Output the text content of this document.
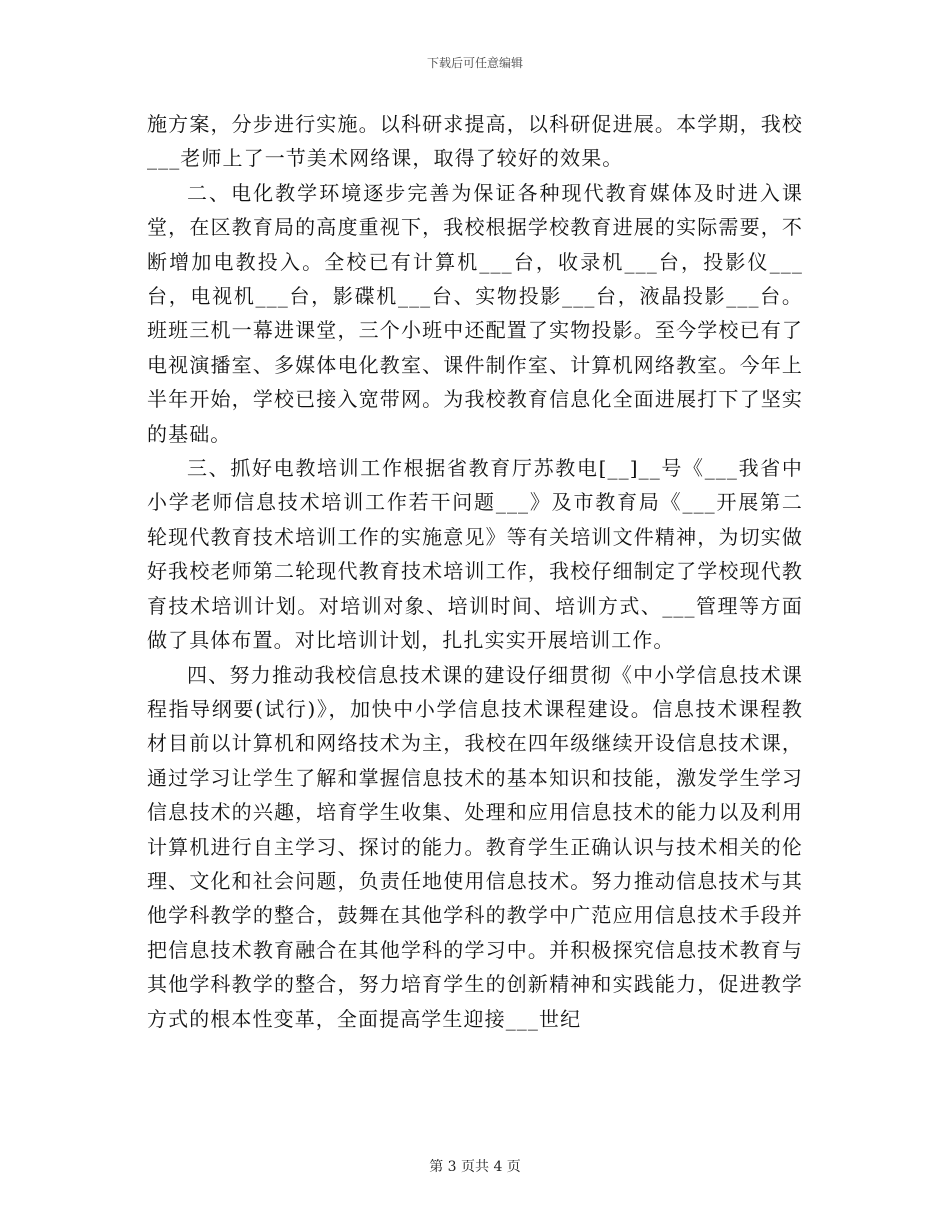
下载后可任意编辑

施方案，分步进行实施。以科研求提高，以科研促进展。本学期，我校___老师上了一节美术网络课，取得了较好的效果。

二、电化教学环境逐步完善为保证各种现代教育媒体及时进入课堂，在区教育局的高度重视下，我校根据学校教育进展的实际需要，不断增加电教投入。全校已有计算机___台，收录机___台，投影仪___台，电视机___台，影碟机___台、实物投影___台，液晶投影___台。班班三机一幕进课堂，三个小班中还配置了实物投影。至今学校已有了电视演播室、多媒体电化教室、课件制作室、计算机网络教室。今年上半年开始，学校已接入宽带网。为我校教育信息化全面进展打下了坚实的基础。

三、抓好电教培训工作根据省教育厅苏教电[__]__号《___我省中小学老师信息技术培训工作若干问题___》及市教育局《___开展第二轮现代教育技术培训工作的实施意见》等有关培训文件精神，为切实做好我校老师第二轮现代教育技术培训工作，我校仔细制定了学校现代教育技术培训计划。对培训对象、培训时间、培训方式、___管理等方面做了具体布置。对比培训计划，扎扎实实开展培训工作。

四、努力推动我校信息技术课的建设仔细贯彻《中小学信息技术课程指导纲要(试行)》，加快中小学信息技术课程建设。信息技术课程教材目前以计算机和网络技术为主，我校在四年级继续开设信息技术课，通过学习让学生了解和掌握信息技术的基本知识和技能，激发学生学习信息技术的兴趣，培育学生收集、处理和应用信息技术的能力以及利用计算机进行自主学习、探讨的能力。教育学生正确认识与技术相关的伦理、文化和社会问题，负责任地使用信息技术。努力推动信息技术与其他学科教学的整合，鼓舞在其他学科的教学中广范应用信息技术手段并把信息技术教育融合在其他学科的学习中。并积极探究信息技术教育与其他学科教学的整合，努力培育学生的创新精神和实践能力，促进教学方式的根本性变革，全面提高学生迎接___世纪

第 3 页共 4 页
